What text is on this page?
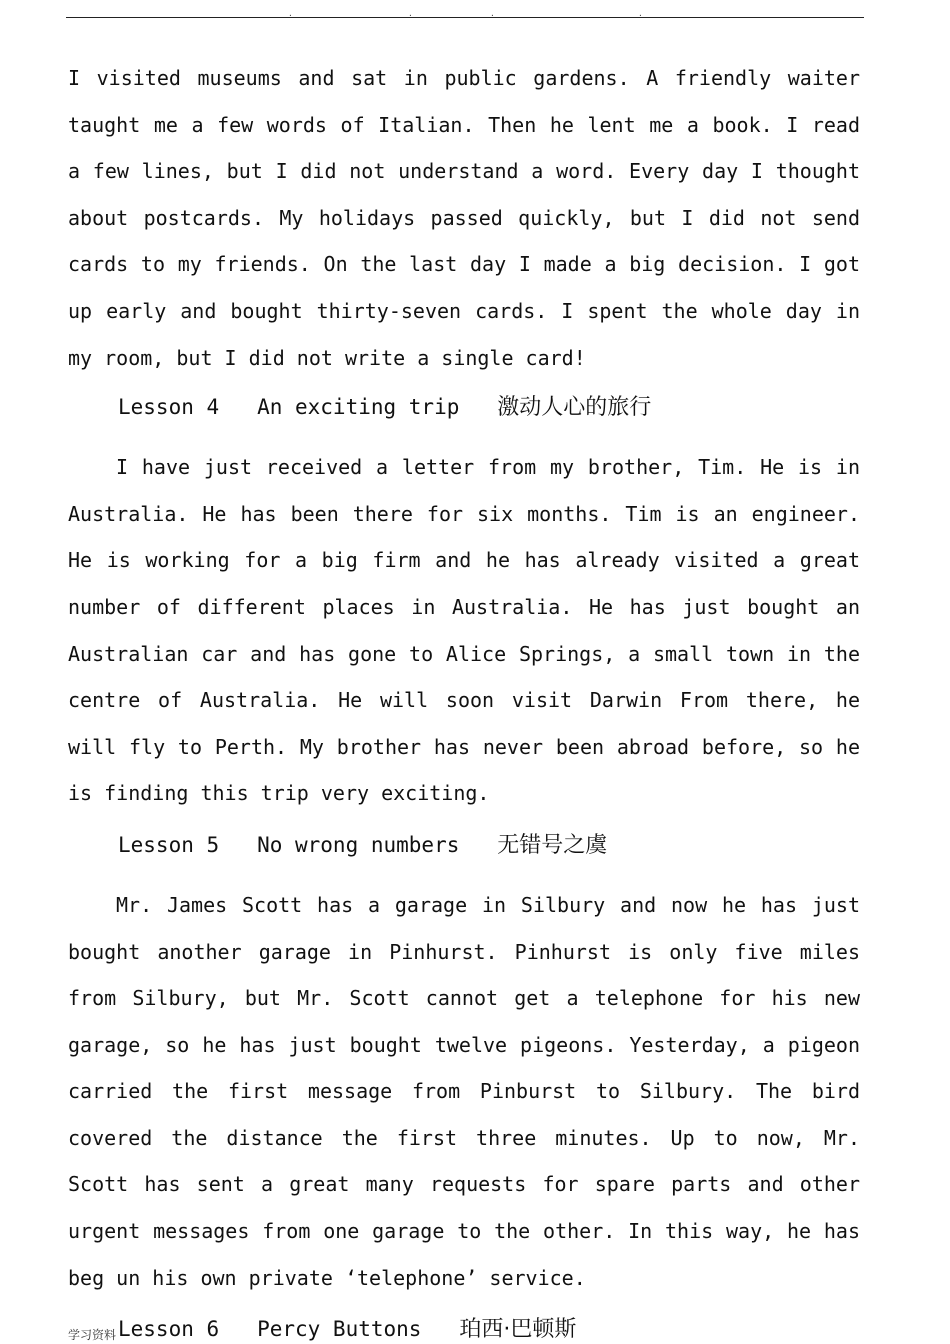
.	.	.	.

I visited museums and sat in public gardens. A friendly waiter taught me a few words of Italian. Then he lent me a book. I read a few lines, but I did not understand a word. Every day I thought about postcards. My holidays passed quickly, but I did not send cards to my friends. On the last day I made a big decision. I got up early and bought thirty-seven cards. I spent the whole day in my room, but I did not write a single card!

Lesson 4   An exciting trip   激动人心的旅行

I have just received a letter from my brother, Tim. He is in Australia. He has been there for six months. Tim is an engineer. He is working for a big firm and he has already visited a great number of different places in Australia. He has just bought an Australian car and has gone to Alice Springs, a small town in the centre of Australia. He will soon visit Darwin From there, he will fly to Perth. My brother has never been abroad before, so he is finding this trip very exciting.

Lesson 5   No wrong numbers   无错号之虞

Mr. James Scott has a garage in Silbury and now he has just bought another garage in Pinhurst. Pinhurst is only five miles from Silbury, but Mr. Scott cannot get a telephone for his new garage, so he has just bought twelve pigeons. Yesterday, a pigeon carried the first message from Pinburst to Silbury. The bird covered the distance the first three minutes. Up to now, Mr. Scott has sent a great many requests for spare parts and other urgent messages from one garage to the other. In this way, he has beg un his own private ‘telephone’ service.

Lesson 6   Percy Buttons   珀西·巴顿斯

学习资料
